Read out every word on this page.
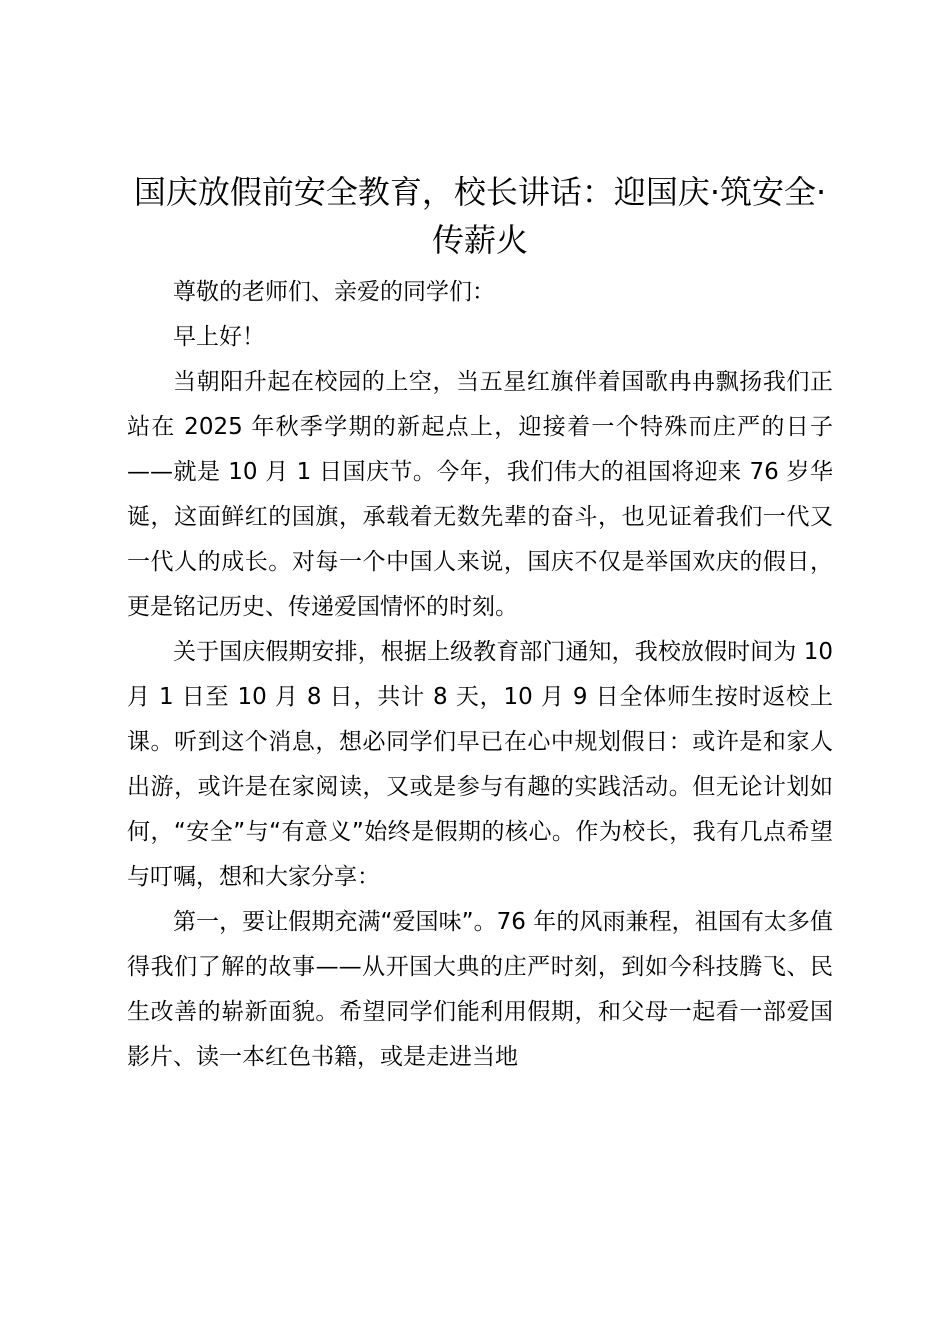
国庆放假前安全教育，校长讲话：迎国庆·筑安全·传薪火

尊敬的老师们、亲爱的同学们：

早上好！

当朝阳升起在校园的上空，当五星红旗伴着国歌冉冉飘扬我们正站在 2025 年秋季学期的新起点上，迎接着一个特殊而庄严的日子——就是 10 月 1 日国庆节。今年，我们伟大的祖国将迎来 76 岁华诞，这面鲜红的国旗，承载着无数先辈的奋斗，也见证着我们一代又一代人的成长。对每一个中国人来说，国庆不仅是举国欢庆的假日，更是铭记历史、传递爱国情怀的时刻。

关于国庆假期安排，根据上级教育部门通知，我校放假时间为 10 月 1 日至 10 月 8 日，共计 8 天，10 月 9 日全体师生按时返校上课。听到这个消息，想必同学们早已在心中规划假日：或许是和家人出游，或许是在家阅读，又或是参与有趣的实践活动。但无论计划如何，“安全”与“有意义”始终是假期的核心。作为校长，我有几点希望与叮嘱，想和大家分享：

第一，要让假期充满“爱国味”。76 年的风雨兼程，祖国有太多值得我们了解的故事——从开国大典的庄严时刻，到如今科技腾飞、民生改善的崭新面貌。希望同学们能利用假期，和父母一起看一部爱国影片、读一本红色书籍，或是走进当地
